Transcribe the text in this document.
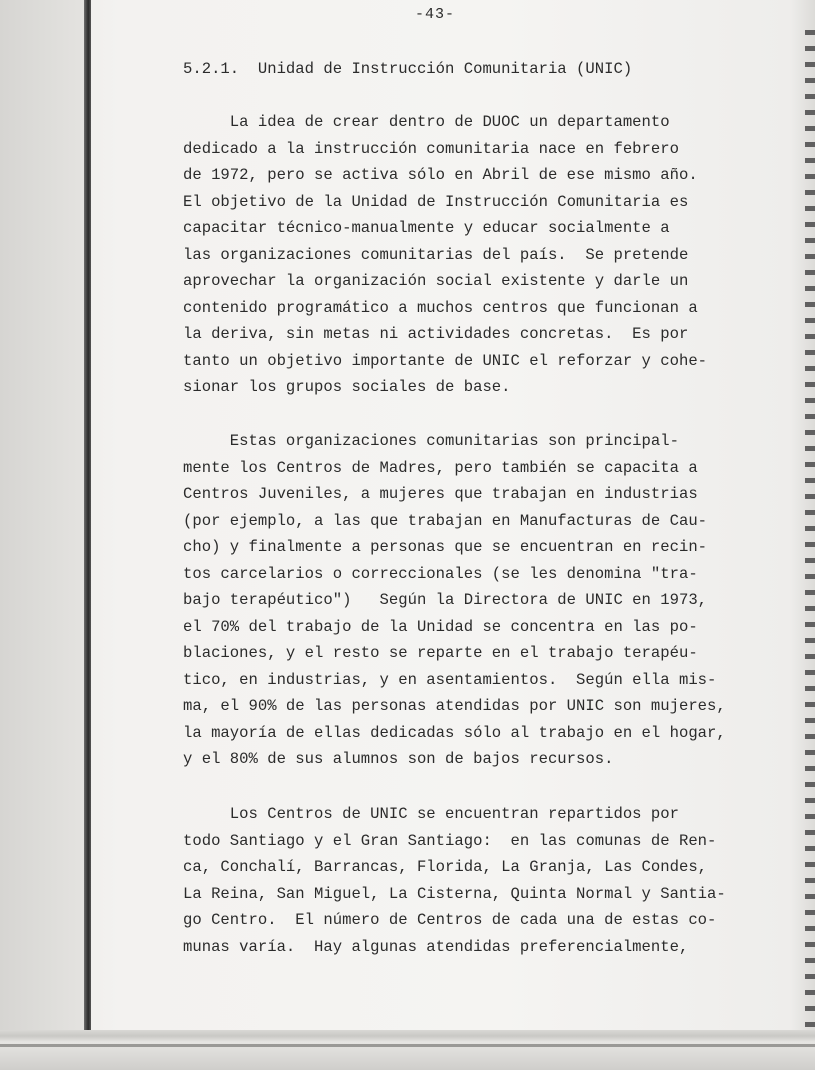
-43-
5.2.1.  Unidad de Instrucción Comunitaria (UNIC)
La idea de crear dentro de DUOC un departamento
dedicado a la instrucción comunitaria nace en febrero
de 1972, pero se activa sólo en Abril de ese mismo año.
El objetivo de la Unidad de Instrucción Comunitaria es
capacitar técnico-manualmente y educar socialmente a
las organizaciones comunitarias del país.  Se pretende
aprovechar la organización social existente y darle un
contenido programático a muchos centros que funcionan a
la deriva, sin metas ni actividades concretas.  Es por
tanto un objetivo importante de UNIC el reforzar y cohe-
sionar los grupos sociales de base.
Estas organizaciones comunitarias son principal-
mente los Centros de Madres, pero también se capacita a
Centros Juveniles, a mujeres que trabajan en industrias
(por ejemplo, a las que trabajan en Manufacturas de Cau-
cho) y finalmente a personas que se encuentran en recin-
tos carcelarios o correccionales (se les denomina "tra-
bajo terapéutico")   Según la Directora de UNIC en 1973,
el 70% del trabajo de la Unidad se concentra en las po-
blaciones, y el resto se reparte en el trabajo terapéu-
tico, en industrias, y en asentamientos.  Según ella mis-
ma, el 90% de las personas atendidas por UNIC son mujeres,
la mayoría de ellas dedicadas sólo al trabajo en el hogar,
y el 80% de sus alumnos son de bajos recursos.
Los Centros de UNIC se encuentran repartidos por
todo Santiago y el Gran Santiago:  en las comunas de Ren-
ca, Conchalí, Barrancas, Florida, La Granja, Las Condes,
La Reina, San Miguel, La Cisterna, Quinta Normal y Santia-
go Centro.  El número de Centros de cada una de estas co-
munas varía.  Hay algunas atendidas preferencialmente,
